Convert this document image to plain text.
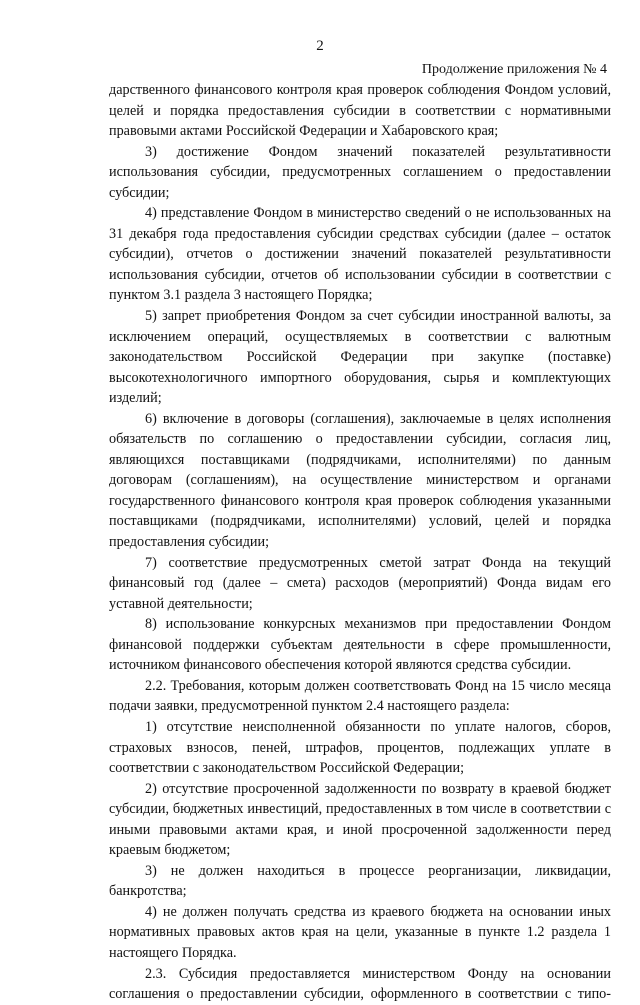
2
Продолжение приложения № 4

дарственного финансового контроля края проверок соблюдения Фондом условий, целей и порядка предоставления субсидии в соответствии с нормативными правовыми актами Российской Федерации и Хабаровского края;

3) достижение Фондом значений показателей результативности использования субсидии, предусмотренных соглашением о предоставлении субсидии;

4) представление Фондом в министерство сведений о не использованных на 31 декабря года предоставления субсидии средствах субсидии (далее – остаток субсидии), отчетов о достижении значений показателей результативности использования субсидии, отчетов об использовании субсидии в соответствии с пунктом 3.1 раздела 3 настоящего Порядка;

5) запрет приобретения Фондом за счет субсидии иностранной валюты, за исключением операций, осуществляемых в соответствии с валютным законодательством Российской Федерации при закупке (поставке) высокотехнологичного импортного оборудования, сырья и комплектующих изделий;

6) включение в договоры (соглашения), заключаемые в целях исполнения обязательств по соглашению о предоставлении субсидии, согласия лиц, являющихся поставщиками (подрядчиками, исполнителями) по данным договорам (соглашениям), на осуществление министерством и органами государственного финансового контроля края проверок соблюдения указанными поставщиками (подрядчиками, исполнителями) условий, целей и порядка предоставления субсидии;

7) соответствие предусмотренных сметой затрат Фонда на текущий финансовый год (далее – смета) расходов (мероприятий) Фонда видам его уставной деятельности;

8) использование конкурсных механизмов при предоставлении Фондом финансовой поддержки субъектам деятельности в сфере промышленности, источником финансового обеспечения которой являются средства субсидии.

2.2. Требования, которым должен соответствовать Фонд на 15 число месяца подачи заявки, предусмотренной пунктом 2.4 настоящего раздела:

1) отсутствие неисполненной обязанности по уплате налогов, сборов, страховых взносов, пеней, штрафов, процентов, подлежащих уплате в соответствии с законодательством Российской Федерации;

2) отсутствие просроченной задолженности по возврату в краевой бюджет субсидии, бюджетных инвестиций, предоставленных в том числе в соответствии с иными правовыми актами края, и иной просроченной задолженности перед краевым бюджетом;

3) не должен находиться в процессе реорганизации, ликвидации, банкротства;

4) не должен получать средства из краевого бюджета на основании иных нормативных правовых актов края на цели, указанные в пункте 1.2 раздела 1 настоящего Порядка.

2.3. Субсидия предоставляется министерством Фонду на основании соглашения о предоставлении субсидии, оформленного в соответствии с типо-
